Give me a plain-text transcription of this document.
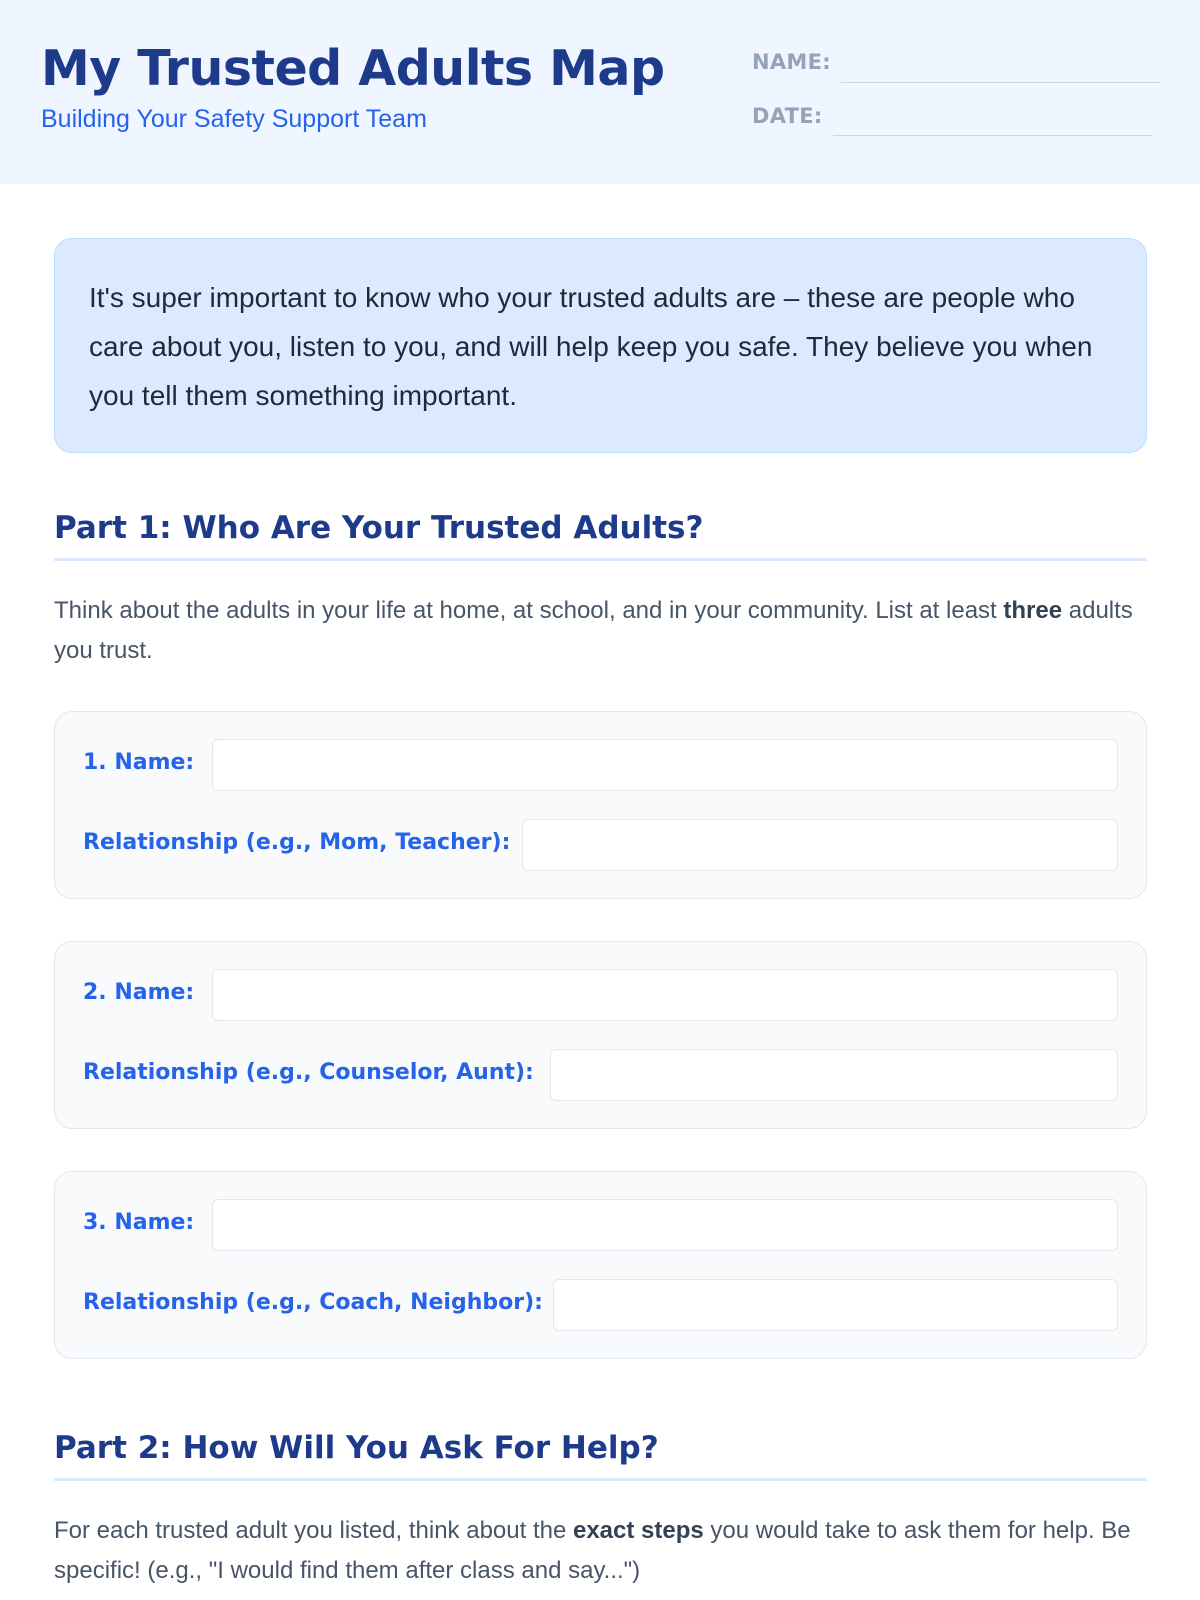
My Trusted Adults Map
Building Your Safety Support Team
NAME:
DATE:
It's super important to know who your trusted adults are – these are people who care about you, listen to you, and will help keep you safe. They believe you when you tell them something important.
Part 1: Who Are Your Trusted Adults?
Think about the adults in your life at home, at school, and in your community. List at least three adults you trust.
1. Name:
Relationship (e.g., Mom, Teacher):
2. Name:
Relationship (e.g., Counselor, Aunt):
3. Name:
Relationship (e.g., Coach, Neighbor):
Part 2: How Will You Ask For Help?
For each trusted adult you listed, think about the exact steps you would take to ask them for help. Be specific! (e.g., "I would find them after class and say...")
